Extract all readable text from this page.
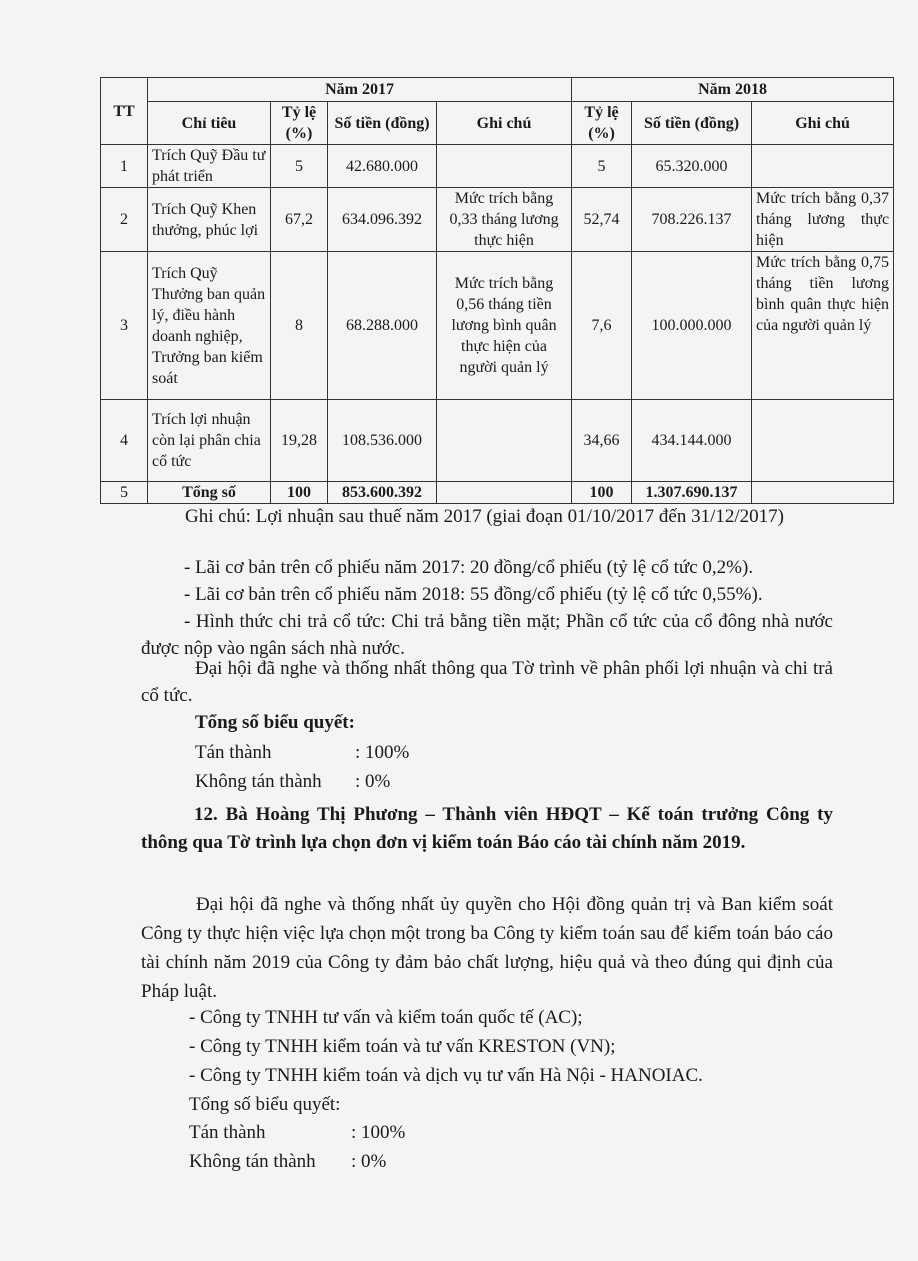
TT	Năm 2017				Năm 2018		
	Chỉ tiêu	Tỷ lệ (%)	Số tiền (đồng)	Ghi chú	Tỷ lệ (%)	Số tiền (đồng)	Ghi chú
1	Trích Quỹ Đầu tư phát triển	5	42.680.000		5	65.320.000	
2	Trích Quỹ Khen thưởng, phúc lợi	67,2	634.096.392	Mức trích bằng 0,33 tháng lương thực hiện	52,74	708.226.137	Mức trích bằng 0,37 tháng lương thực hiện
3	Trích Quỹ Thưởng ban quản lý, điều hành doanh nghiệp, Trưởng ban kiểm soát	8	68.288.000	Mức trích bằng 0,56 tháng tiền lương bình quân thực hiện của người quản lý	7,6	100.000.000	Mức trích bằng 0,75 tháng tiền lương bình quân thực hiện của người quản lý
4	Trích lợi nhuận còn lại phân chia cổ tức	19,28	108.536.000		34,66	434.144.000	
5	Tổng số	100	853.600.392		100	1.307.690.137	
Ghi chú: Lợi nhuận sau thuế năm 2017 (giai đoạn 01/10/2017 đến 31/12/2017)
- Lãi cơ bản trên cổ phiếu năm 2017: 20 đồng/cổ phiếu (tỷ lệ cổ tức 0,2%).
- Lãi cơ bản trên cổ phiếu năm 2018: 55 đồng/cổ phiếu (tỷ lệ cổ tức 0,55%).
- Hình thức chi trả cổ tức: Chi trả bằng tiền mặt; Phần cổ tức của cổ đông nhà nước được nộp vào ngân sách nhà nước.
Đại hội đã nghe và thống nhất thông qua Tờ trình về phân phối lợi nhuận và chi trả cổ tức.
Tổng số biểu quyết:
Tán thành	: 100%
Không tán thành : 0%
12. Bà Hoàng Thị Phương – Thành viên HĐQT – Kế toán trưởng Công ty thông qua Tờ trình lựa chọn đơn vị kiểm toán Báo cáo tài chính năm 2019.
Đại hội đã nghe và thống nhất ủy quyền cho Hội đồng quản trị và Ban kiểm soát Công ty thực hiện việc lựa chọn một trong ba Công ty kiểm toán sau để kiểm toán báo cáo tài chính năm 2019 của Công ty đảm bảo chất lượng, hiệu quả và theo đúng qui định của Pháp luật.
- Công ty TNHH tư vấn và kiểm toán quốc tế (AC);
- Công ty TNHH kiểm toán và tư vấn KRESTON (VN);
- Công ty TNHH kiểm toán và dịch vụ tư vấn Hà Nội - HANOIAC.
Tổng số biểu quyết:
Tán thành	: 100%
Không tán thành : 0%
